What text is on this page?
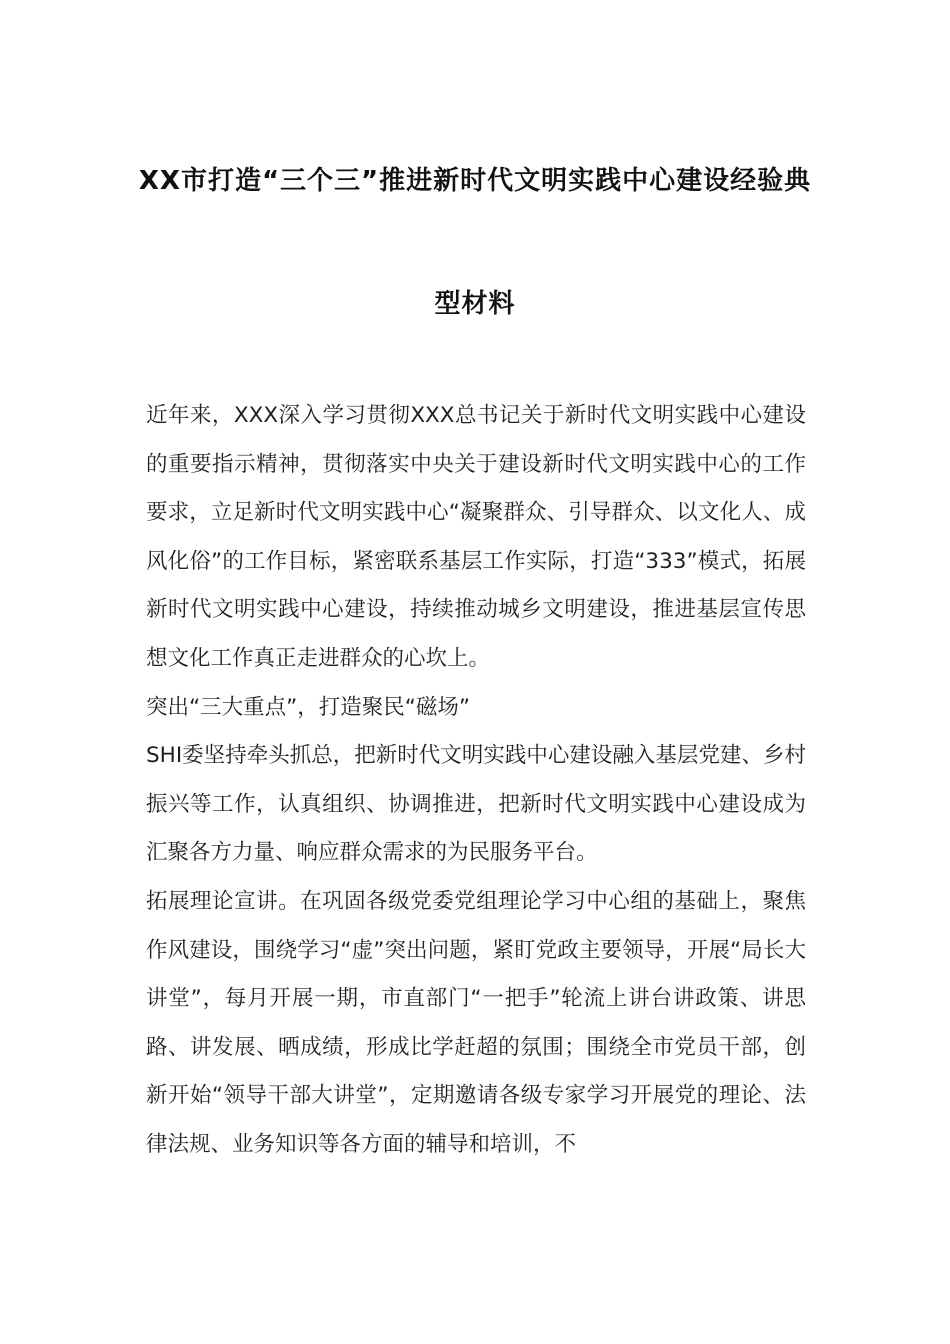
XX市打造“三个三”推进新时代文明实践中心建设经验典
型材料

近年来，XXX深入学习贯彻XXX总书记关于新时代文明实践中心建设的重要指示精神，贯彻落实中央关于建设新时代文明实践中心的工作要求，立足新时代文明实践中心“凝聚群众、引导群众、以文化人、成风化俗”的工作目标，紧密联系基层工作实际，打造“333”模式，拓展新时代文明实践中心建设，持续推动城乡文明建设，推进基层宣传思想文化工作真正走进群众的心坎上。

突出“三大重点”，打造聚民“磁场”

SHI委坚持牵头抓总，把新时代文明实践中心建设融入基层党建、乡村振兴等工作，认真组织、协调推进，把新时代文明实践中心建设成为汇聚各方力量、响应群众需求的为民服务平台。

拓展理论宣讲。在巩固各级党委党组理论学习中心组的基础上，聚焦作风建设，围绕学习“虚”突出问题，紧盯党政主要领导，开展“局长大讲堂”，每月开展一期，市直部门“一把手”轮流上讲台讲政策、讲思路、讲发展、晒成绩，形成比学赶超的氛围；围绕全市党员干部，创新开始“领导干部大讲堂”，定期邀请各级专家学习开展党的理论、法律法规、业务知识等各方面的辅导和培训，不
